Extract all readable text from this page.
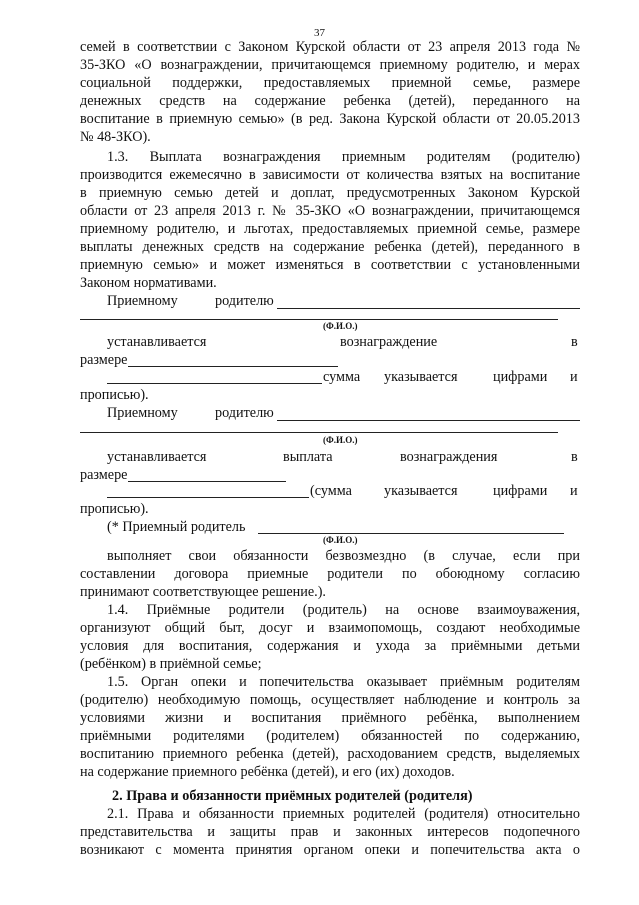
37
семей в соответствии с Законом Курской области от 23 апреля 2013 года №
35-ЗКО «О вознаграждении, причитающемся приемному родителю, и мерах
социальной поддержки, предоставляемых приемной семье, размере
денежных средств на содержание ребенка (детей), переданного на
воспитание в приемную семью» (в ред. Закона Курской области от 20.05.2013
№ 48-ЗКО).
1.3. Выплата вознаграждения приемным родителям (родителю)
производится ежемесячно в зависимости от количества взятых на воспитание
в приемную семью детей и доплат, предусмотренных Законом Курской
области от 23 апреля 2013 г. № 35-ЗКО «О вознаграждении, причитающемся
приемному родителю, и льготах, предоставляемых приемной семье, размере
выплаты денежных средств на содержание ребенка (детей), переданного в
приемную семью» и может изменяться в соответствии с установленными
Законом нормативами.
Приемному	родителю
(Ф.И.О.)
устанавливается	вознаграждение	в
размере
сумма указывается цифрами и
прописью).
Приемному	родителю
(Ф.И.О.)
устанавливается	выплата	вознаграждения	в
размере
(сумма указывается цифрами и
прописью).
(* Приемный родитель
(Ф.И.О.)
выполняет свои обязанности безвозмездно (в случае, если при
составлении договора приемные родители по обоюдному согласию
принимают соответствующее решение.).
1.4. Приёмные родители (родитель) на основе взаимоуважения,
организуют общий быт, досуг и взаимопомощь, создают необходимые
условия для воспитания, содержания и ухода за приёмными детьми
(ребёнком) в приёмной семье;
1.5. Орган опеки и попечительства оказывает приёмным родителям
(родителю) необходимую помощь, осуществляет наблюдение и контроль за
условиями жизни и воспитания приёмного ребёнка, выполнением
приёмными родителями (родителем) обязанностей по содержанию,
воспитанию приемного ребенка (детей), расходованием средств, выделяемых
на содержание приемного ребёнка (детей), и его (их) доходов.
2. Права и обязанности приёмных родителей (родителя)
2.1. Права и обязанности приемных родителей (родителя) относительно
представительства и защиты прав и законных интересов подопечного
возникают с момента принятия органом опеки и попечительства акта о
